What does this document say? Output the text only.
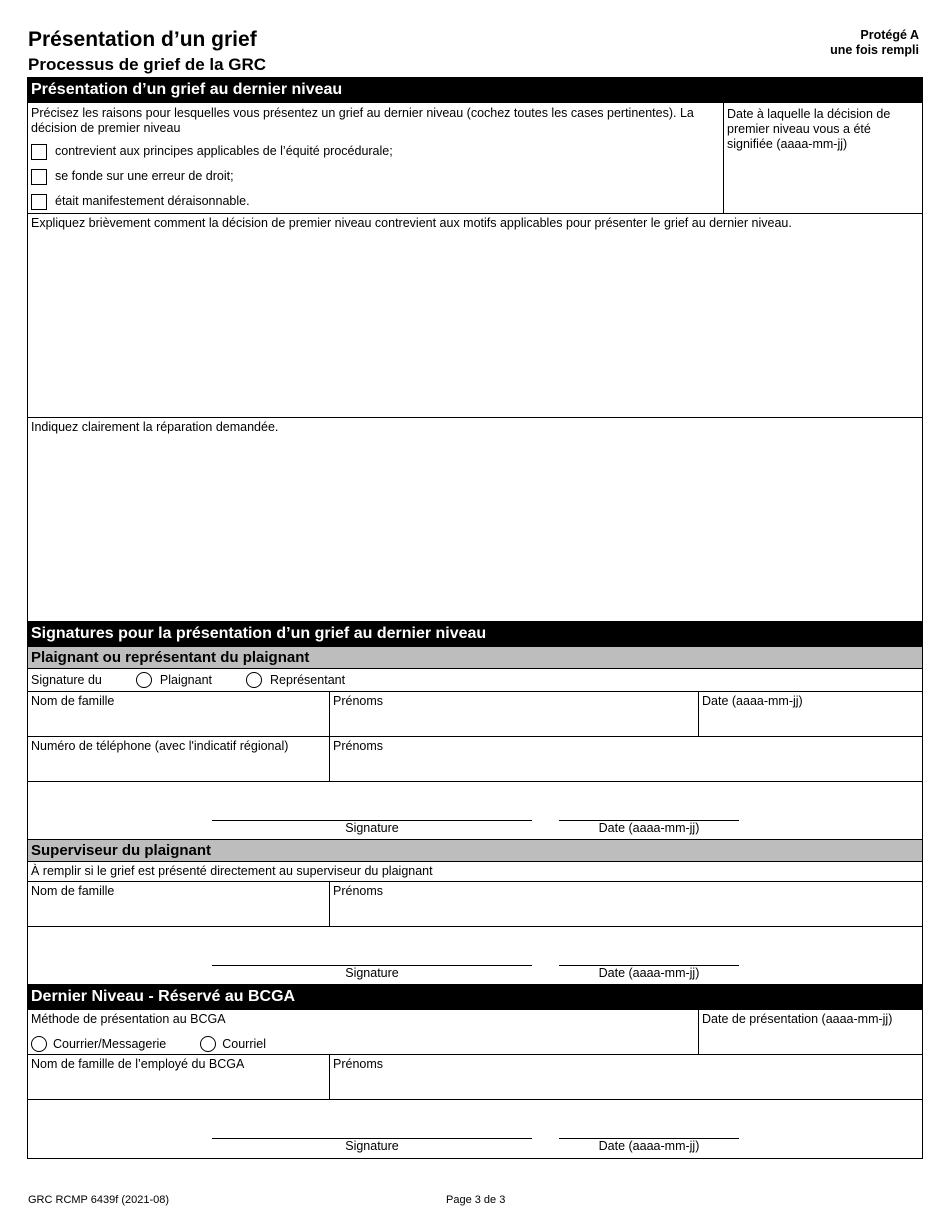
Présentation d’un grief
Processus de grief de la GRC
Protégé A
une fois rempli
Présentation d’un grief au dernier niveau
Précisez les raisons pour lesquelles vous présentez un grief au dernier niveau (cochez toutes les cases pertinentes). La décision de premier niveau
contrevient aux principes applicables de l’équité procédurale;
se fonde sur une erreur de droit;
était manifestement déraisonnable.
Date à laquelle la décision de premier niveau vous a été signifiée (aaaa-mm-jj)
Expliquez brièvement comment la décision de premier niveau contrevient aux motifs applicables pour présenter le grief au dernier niveau.
Indiquez clairement la réparation demandée.
Signatures pour la présentation d’un grief au dernier niveau
Plaignant ou représentant du plaignant
Signature du	Plaignant	Représentant
Nom de famille	Prénoms	Date (aaaa-mm-jj)
Numéro de téléphone (avec l'indicatif régional)	Prénoms
Signature	Date (aaaa-mm-jj)
Superviseur du plaignant
À remplir si le grief est présenté directement au superviseur du plaignant
Nom de famille	Prénoms
Signature	Date (aaaa-mm-jj)
Dernier Niveau - Réservé au BCGA
Méthode de présentation au BCGA
Courrier/Messagerie	Courriel
Date de présentation (aaaa-mm-jj)
Nom de famille de l’employé du BCGA	Prénoms
Signature	Date (aaaa-mm-jj)
GRC RCMP 6439f (2021-08)	Page 3 de 3
